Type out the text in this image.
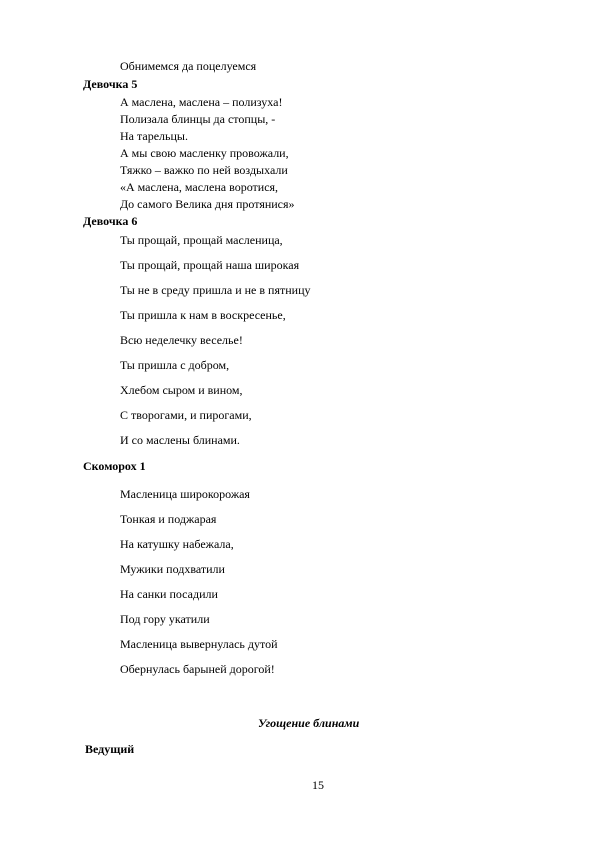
Обнимемся да поцелуемся
Девочка 5
А маслена, маслена – полизуха!
Полизала блинцы да стопцы, -
На тарельцы.
А мы свою масленку провожали,
Тяжко – важко по ней воздыхали
«А маслена, маслена воротися,
До самого Велика дня протянися»
Девочка 6
Ты прощай, прощай масленица,
Ты прощай, прощай наша широкая
Ты не в среду пришла и не в пятницу
Ты пришла к нам в воскресенье,
Всю неделечку веселье!
Ты пришла с добром,
Хлебом сыром и вином,
С творогами, и пирогами,
И со маслены блинами.
Скоморох 1
Масленица широкорожая
Тонкая и поджарая
На катушку набежала,
Мужики подхватили
На санки посадили
Под гору укатили
Масленица вывернулась дутой
Обернулась барыней дорогой!
Угощение блинами
Ведущий
15
